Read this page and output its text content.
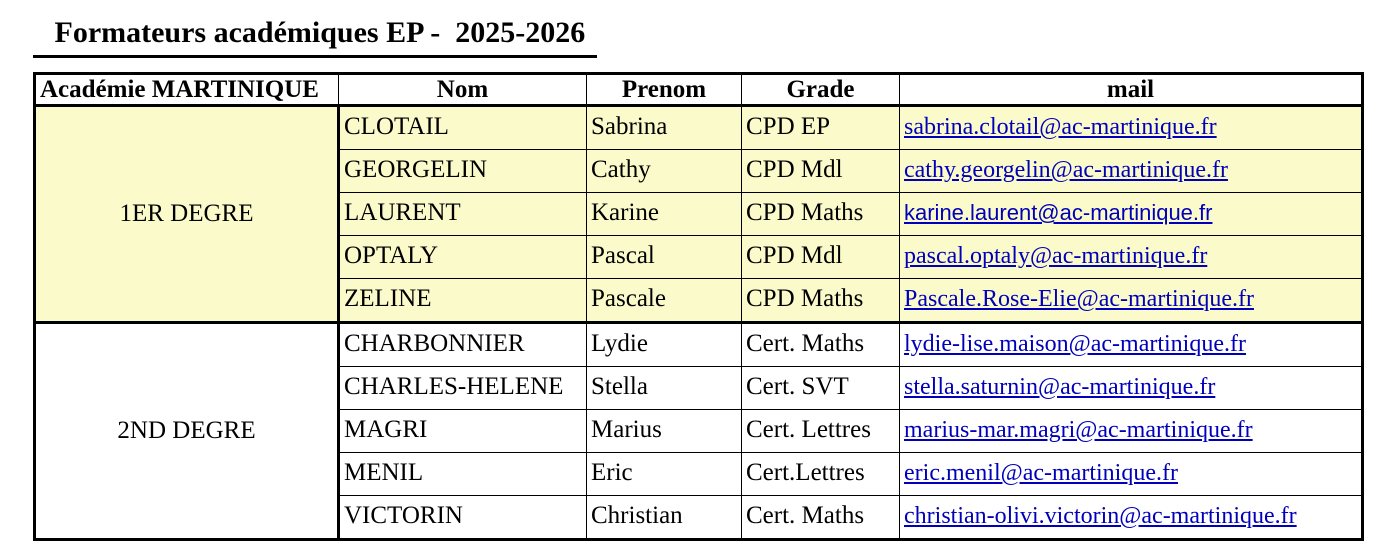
Formateurs académiques EP -  2025-2026
Académie MARTINIQUE	Nom	Prenom	Grade	mail
1ER DEGRE	CLOTAIL	Sabrina	CPD EP	sabrina.clotail@ac-martinique.fr
	GEORGELIN	Cathy	CPD Mdl	cathy.georgelin@ac-martinique.fr
	LAURENT	Karine	CPD Maths	karine.laurent@ac-martinique.fr
	OPTALY	Pascal	CPD Mdl	pascal.optaly@ac-martinique.fr
	ZELINE	Pascale	CPD Maths	Pascale.Rose-Elie@ac-martinique.fr
2ND DEGRE	CHARBONNIER	Lydie	Cert. Maths	lydie-lise.maison@ac-martinique.fr
	CHARLES-HELENE	Stella	Cert. SVT	stella.saturnin@ac-martinique.fr
	MAGRI	Marius	Cert. Lettres	marius-mar.magri@ac-martinique.fr
	MENIL	Eric	Cert.Lettres	eric.menil@ac-martinique.fr
	VICTORIN	Christian	Cert. Maths	christian-olivi.victorin@ac-martinique.fr
